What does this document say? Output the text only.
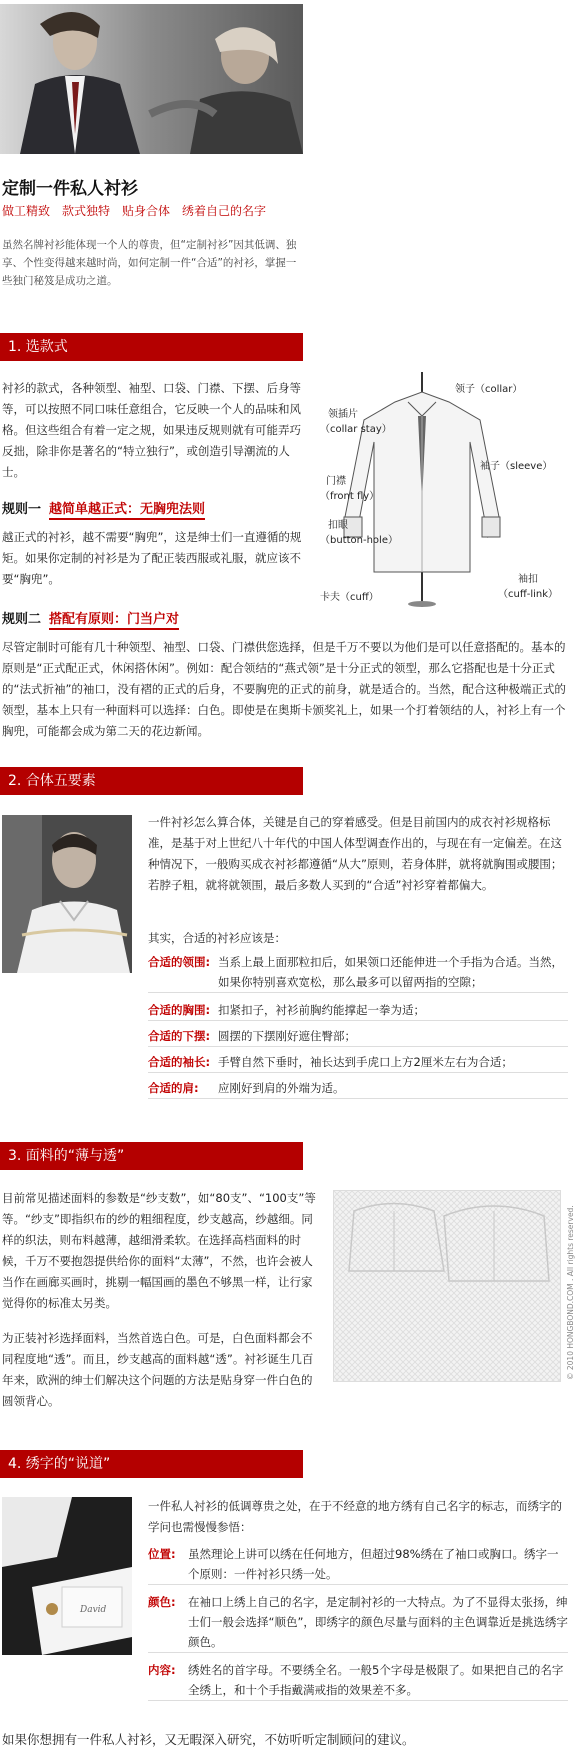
定制一件私人衬衫
做工精致　款式独特　贴身合体　绣着自己的名字

虽然名牌衬衫能体现一个人的尊贵，但“定制衬衫”因其低调、独享、个性变得越来越时尚，如何定制一件“合适”的衬衫，掌握一些独门秘笈是成功之道。

1. 选款式

衬衫的款式，各种领型、袖型、口袋、门襟、下摆、后身等等，可以按照不同口味任意组合，它反映一个人的品味和风格。但这些组合有着一定之规，如果违反规则就有可能弄巧反拙，除非你是著名的“特立独行”，或创造引导潮流的人士。

领子（collar）
领插片
（collar stay）
袖子（sleeve）
门襟
（front fly）
扣眼
（button-hole）
袖扣
（cuff-link）
卡夫（cuff）
规则一 越简单越正式：无胸兜法则

越正式的衬衫，越不需要“胸兜”，这是绅士们一直遵循的规矩。如果你定制的衬衫是为了配正装西服或礼服，就应该不要“胸兜”。

规则二 搭配有原则：门当户对

尽管定制时可能有几十种领型、袖型、口袋、门襟供您选择，但是千万不要以为他们是可以任意搭配的。基本的原则是“正式配正式，休闲搭休闲”。例如：配合领结的“燕式领”是十分正式的领型，那么它搭配也是十分正式的“法式折袖”的袖口，没有褶的正式的后身，不要胸兜的正式的前身，就是适合的。当然，配合这种极端正式的领型，基本上只有一种面料可以选择：白色。即使是在奥斯卡颁奖礼上，如果一个打着领结的人，衬衫上有一个胸兜，可能都会成为第二天的花边新闻。

2. 合体五要素

一件衬衫怎么算合体，关键是自己的穿着感受。但是目前国内的成衣衬衫规格标准，是基于对上世纪八十年代的中国人体型调查作出的，与现在有一定偏差。在这种情况下，一般购买成衣衬衫都遵循“从大”原则，若身体胖，就将就胸围或腰围；若脖子粗，就将就领围，最后多数人买到的“合适”衬衫穿着都偏大。

其实，合适的衬衫应该是：

合适的领围: 当系上最上面那粒扣后，如果领口还能伸进一个手指为合适。当然，如果你特别喜欢宽松，那么最多可以留两指的空隙；
合适的胸围: 扣紧扣子，衬衫前胸约能撑起一拳为适；
合适的下摆: 圆摆的下摆刚好遮住臀部；
合适的袖长: 手臂自然下垂时，袖长达到手虎口上方2厘米左右为合适；
合适的肩:	应刚好到肩的外端为适。
3. 面料的“薄与透”

目前常见描述面料的参数是“纱支数”，如“80支”、“100支”等等。“纱支”即指织布的纱的粗细程度，纱支越高，纱越细。同样的织法，则布料越薄，越细滑柔软。在选择高档面料的时候，千万不要抱怨提供给你的面料“太薄”，不然，也许会被人当作在画廊买画时，挑剔一幅国画的墨色不够黑一样，让行家觉得你的标准太另类。

为正装衬衫选择面料，当然首选白色。可是，白色面料都会不同程度地“透”。而且，纱支越高的面料越“透”。衬衫诞生几百年来，欧洲的绅士们解决这个问题的方法是贴身穿一件白色的圆领背心。

© 2010 HONGBOND.COM . All rights reserved.
4. 绣字的“说道”
David

一件私人衬衫的低调尊贵之处，在于不经意的地方绣有自己名字的标志，而绣字的学问也需慢慢参悟：

位置:	虽然理论上讲可以绣在任何地方，但超过98%绣在了袖口或胸口。绣字一个原则：一件衬衫只绣一处。
颜色:	在袖口上绣上自己的名字，是定制衬衫的一大特点。为了不显得太张扬，绅士们一般会选择“顺色”，即绣字的颜色尽量与面料的主色调靠近是挑选绣字颜色。
内容:	绣姓名的首字母。不要绣全名。一般5个字母是极限了。如果把自己的名字全绣上，和十个手指戴满戒指的效果差不多。
如果你想拥有一件私人衬衫，又无暇深入研究，不妨听听定制顾问的建议。
